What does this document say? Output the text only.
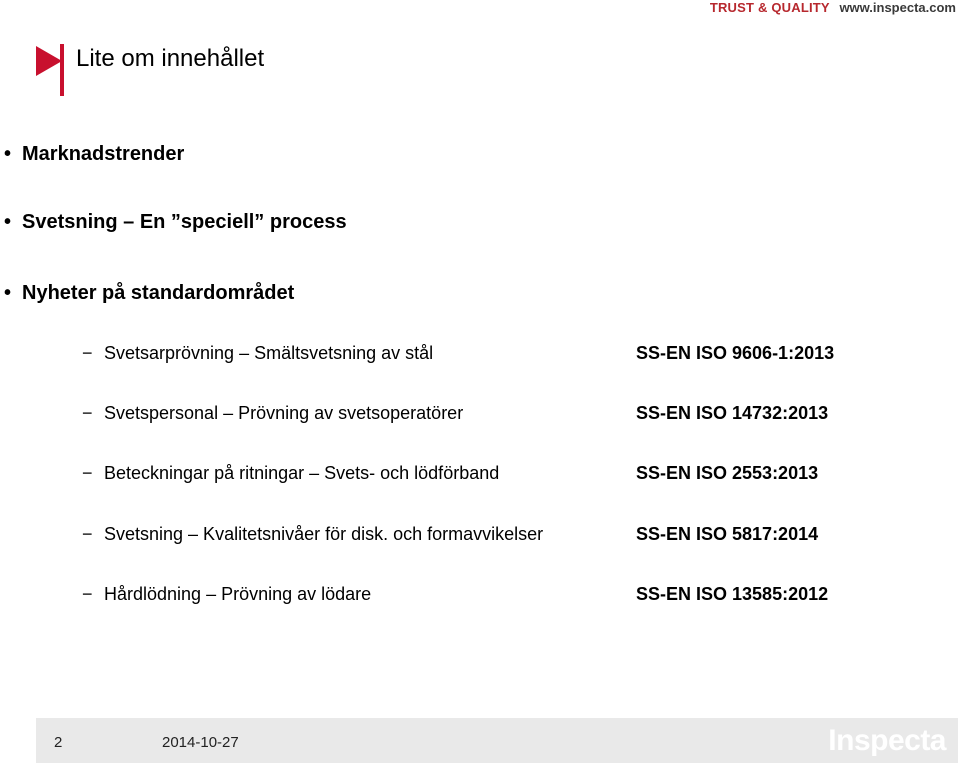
TRUST & QUALITY www.inspecta.com
Lite om innehållet
• Marknadstrender
• Svetsning – En ”speciell” process
• Nyheter på standardområdet
− Svetsarprövning – Smältsvetsning av stål	SS-EN ISO 9606-1:2013
− Svetspersonal – Prövning av svetsoperatörer	SS-EN ISO 14732:2013
− Beteckningar på ritningar – Svets- och lödförband	SS-EN ISO 2553:2013
− Svetsning – Kvalitetsnivåer för disk. och formavvikelser	SS-EN ISO 5817:2014
− Hårdlödning – Prövning av lödare	SS-EN ISO 13585:2012
2	2014-10-27	Inspecta
